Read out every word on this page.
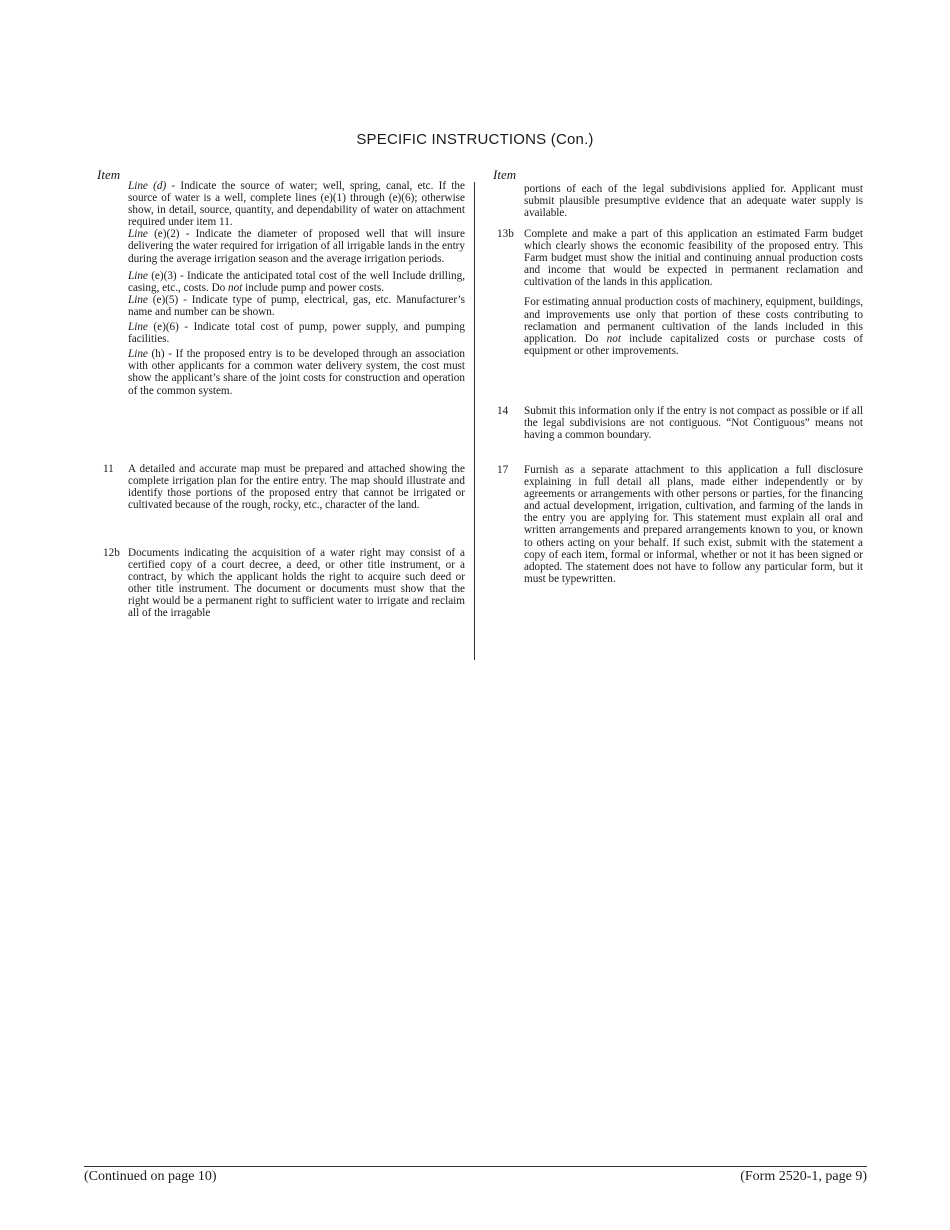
SPECIFIC INSTRUCTIONS (Con.)
Item

Line (d) - Indicate the source of water; well, spring, canal, etc. If the source of water is a well, complete lines (e)(1) through (e)(6); otherwise show, in detail, source, quantity, and dependability of water on attachment required under item 11.

Line (e)(2) - Indicate the diameter of proposed well that will insure delivering the water required for irrigation of all irrigable lands in the entry during the average irrigation season and the average irrigation periods.

Line (e)(3) - Indicate the anticipated total cost of the well Include drilling, casing, etc., costs. Do not include pump and power costs.

Line (e)(5) - Indicate type of pump, electrical, gas, etc. Manufacturer’s name and number can be shown.

Line (e)(6) - Indicate total cost of pump, power supply, and pumping facilities.

Line (h) - If the proposed entry is to be developed through an association with other applicants for a common water delivery system, the cost must show the applicant’s share of the joint costs for construction and operation of the common system.

11 A detailed and accurate map must be prepared and attached showing the complete irrigation plan for the entire entry. The map should illustrate and identify those portions of the proposed entry that cannot be irrigated or cultivated because of the rough, rocky, etc., character of the land.

12b Documents indicating the acquisition of a water right may consist of a certified copy of a court decree, a deed, or other title instrument, or a contract, by which the applicant holds the right to acquire such deed or other title instrument. The document or documents must show that the right would be a permanent right to sufficient water to irrigate and reclaim all of the irragable

Item

portions of each of the legal subdivisions applied for. Applicant must submit plausible presumptive evidence that an adequate water supply is available.

13b Complete and make a part of this application an estimated Farm budget which clearly shows the economic feasibility of the proposed entry. This Farm budget must show the initial and continuing annual production costs and income that would be expected in permanent reclamation and cultivation of the lands in this application.

For estimating annual production costs of machinery, equipment, buildings, and improvements use only that portion of these costs contributing to reclamation and permanent cultivation of the lands included in this application. Do not include capitalized costs or purchase costs of equipment or other improvements.

14 Submit this information only if the entry is not compact as possible or if all the legal subdivisions are not contiguous. “Not Contiguous” means not having a common boundary.

17 Furnish as a separate attachment to this application a full disclosure explaining in full detail all plans, made either independently or by agreements or arrangements with other persons or parties, for the financing and actual development, irrigation, cultivation, and farming of the lands in the entry you are applying for. This statement must explain all oral and written arrangements and prepared arrangements known to you, or known to others acting on your behalf. If such exist, submit with the statement a copy of each item, formal or informal, whether or not it has been signed or adopted. The statement does not have to follow any particular form, but it must be typewritten.

(Continued on page 10)	(Form 2520-1, page 9)
